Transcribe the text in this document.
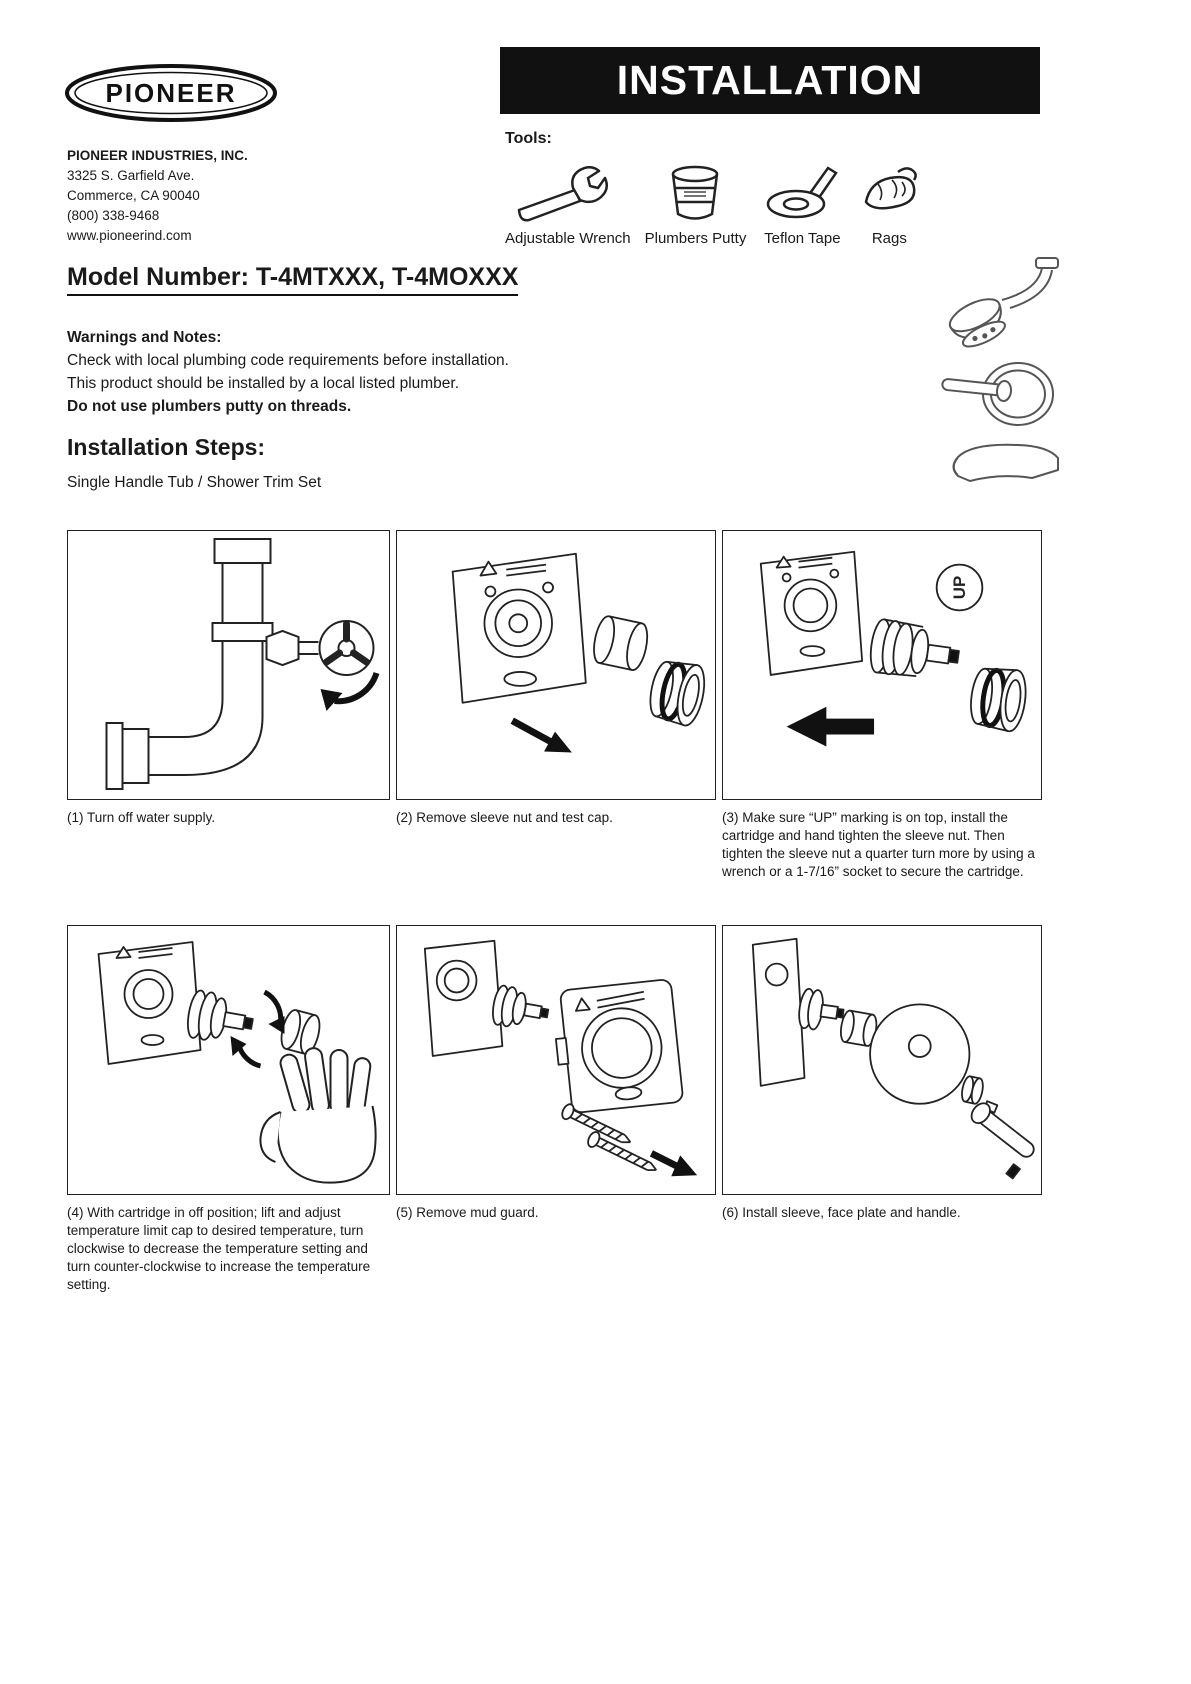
PIONEER	INSTALLATION
PIONEER INDUSTRIES, INC.
3325 S. Garfield Ave.
Commerce, CA 90040
(800) 338-9468
www.pioneerind.com
Tools:
Adjustable Wrench Plumbers Putty Teflon Tape Rags
Model Number: T-4MTXXX, T-4MOXXX
Warnings and Notes:
Check with local plumbing code requirements before installation.
This product should be installed by a local listed plumber.
Do not use plumbers putty on threads.
Installation Steps:
Single Handle Tub / Shower Trim Set

(1) Turn off water supply.	(2) Remove sleeve nut and test cap.

UP

(3) Make sure “UP” marking is on top, install the cartridge and hand tighten the sleeve nut. Then tighten the sleeve nut a quarter turn more by using a wrench or a 1-7/16” socket to secure the cartridge.

(4) With cartridge in off position; lift and adjust temperature limit cap to desired temperature, turn clockwise to decrease the temperature setting and turn counter-clockwise to increase the temperature setting.

(5) Remove mud guard.	(6) Install sleeve, face plate and handle.
